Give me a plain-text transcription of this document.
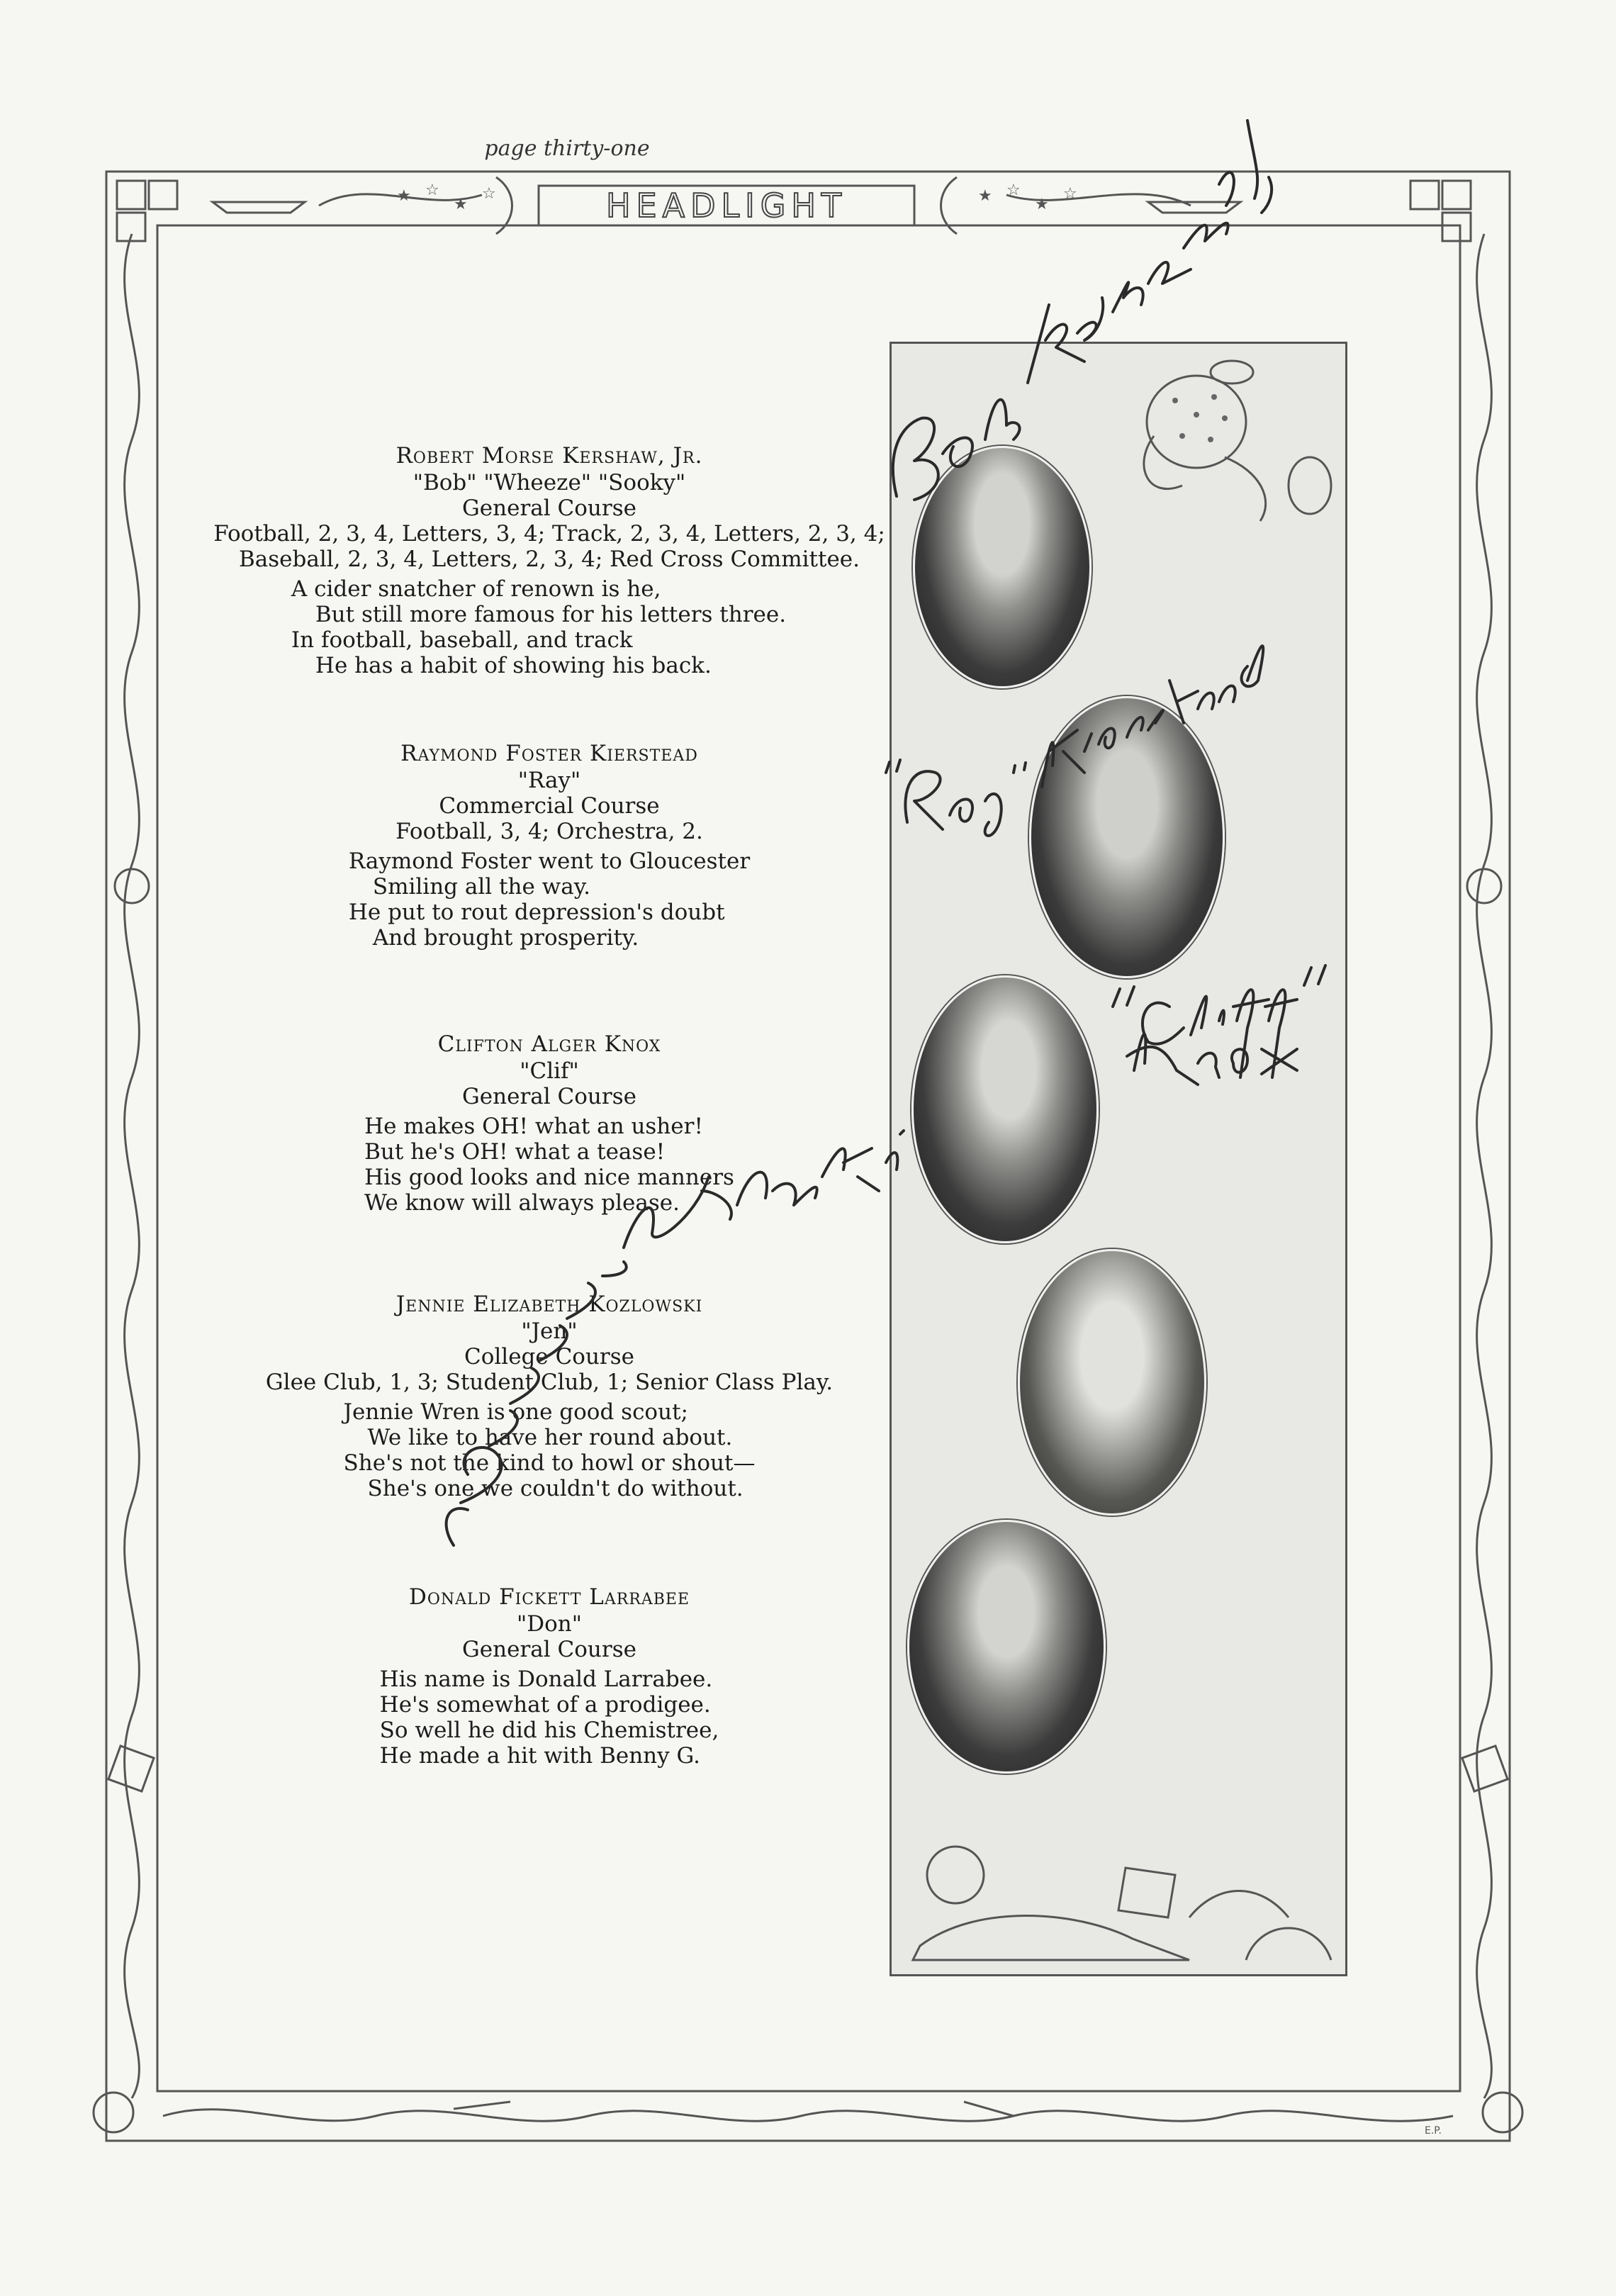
★ ☆
★
☆	★ ☆
★
☆
HEADLIGHT
E.P.
page thirty-one
Robert Morse Kershaw, Jr.
"Bob" "Wheeze" "Sooky"
General Course
Football, 2, 3, 4, Letters, 3, 4; Track, 2, 3, 4, Letters, 2, 3, 4;
Baseball, 2, 3, 4, Letters, 2, 3, 4; Red Cross Committee.
A cider snatcher of renown is he,
But still more famous for his letters three.
In football, baseball, and track
He has a habit of showing his back.
Raymond Foster Kierstead
"Ray"
Commercial Course
Football, 3, 4; Orchestra, 2.
Raymond Foster went to Gloucester
Smiling all the way.
He put to rout depression's doubt
And brought prosperity.
Clifton Alger Knox
"Clif"
General Course
He makes OH! what an usher!
But he's OH! what a tease!
His good looks and nice manners
We know will always please.
Jennie Elizabeth Kozlowski
"Jen"
College Course
Glee Club, 1, 3; Student Club, 1; Senior Class Play.
Jennie Wren is one good scout;
We like to have her round about.
She's not the kind to howl or shout—
She's one we couldn't do without.
Donald Fickett Larrabee
"Don"
General Course
His name is Donald Larrabee.
He's somewhat of a prodigee.
So well he did his Chemistree,
He made a hit with Benny G.
